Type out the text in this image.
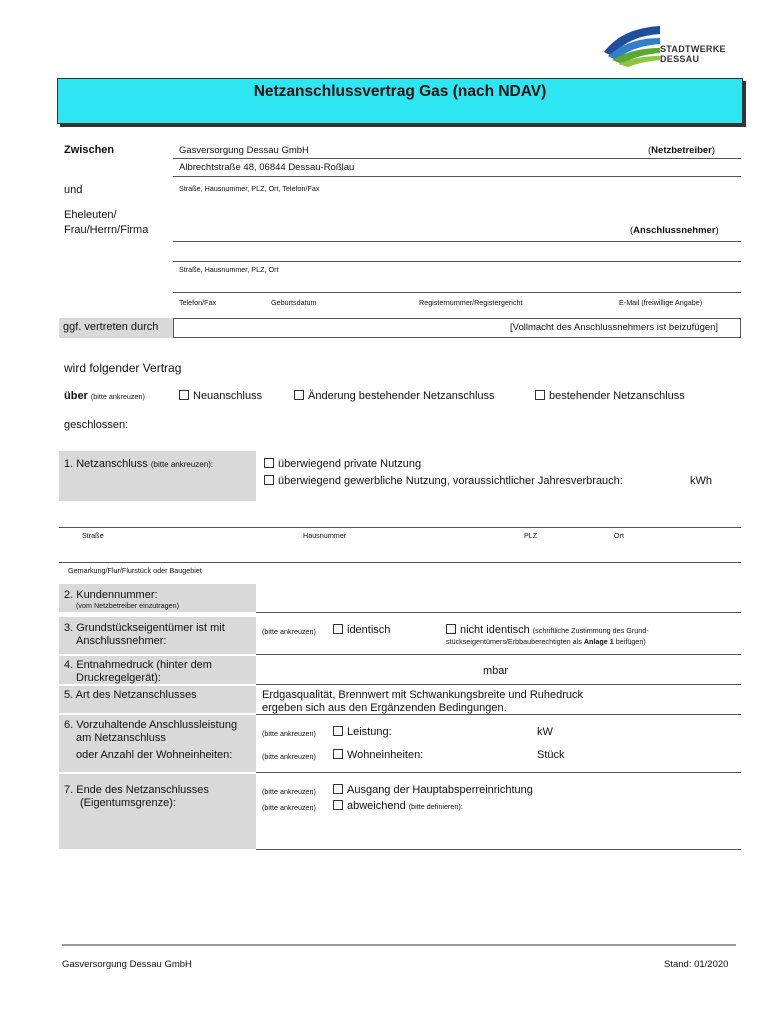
STADTWERKE
DESSAU
Netzanschlussvertrag Gas (nach NDAV)
Zwischen	Gasversorgung Dessau GmbH	(Netzbetreiber)
Albrechtstraße 48, 06844 Dessau-Roßlau
Straße, Hausnummer, PLZ, Ort, Telefon/Fax
und
Eheleuten/
Frau/Herrn/Firma	(Anschlussnehmer)
Straße, Hausnummer, PLZ, Ort
Telefon/Fax	Geburtsdatum	Registernummer/Registergericht	E-Mail (freiwillige Angabe)
ggf. vertreten durch	[Vollmacht des Anschlussnehmers ist beizufügen]
wird folgender Vertrag
über (bitte ankreuzen)	Neuanschluss	Änderung bestehender Netzanschluss	bestehender Netzanschluss
geschlossen:
1. Netzanschluss (bitte ankreuzen):	überwiegend private Nutzung
überwiegend gewerbliche Nutzung, voraussichtlicher Jahresverbrauch:	kWh
Straße	Hausnummer	PLZ	Ort
Gemarkung/Flur/Flurstück oder Baugebiet
2. Kundennummer:
(vom Netzbetreiber einzutragen)
3. Grundstückseigentümer ist mit
Anschlussnehmer:
(bitte ankreuzen)	identisch	nicht identisch (schriftliche Zustimmung des Grund-
stückseigentümers/Erbbauberechtigten als Anlage 1 beifügen)
4. Entnahmedruck (hinter dem
Druckregelgerät):
mbar
5. Art des Netzanschlusses	Erdgasqualität, Brennwert mit Schwankungsbreite und Ruhedruck
ergeben sich aus den Ergänzenden Bedingungen.
6. Vorzuhaltende Anschlussleistung
am Netzanschluss
oder Anzahl der Wohneinheiten:
(bitte ankreuzen)	Leistung:	kW
(bitte ankreuzen)	Wohneinheiten:	Stück
7. Ende des Netzanschlusses
(Eigentumsgrenze):
(bitte ankreuzen)	Ausgang der Hauptabsperreinrichtung
(bitte ankreuzen)	abweichend (bitte definieren):
Gasversorgung Dessau GmbH	Stand: 01/2020
